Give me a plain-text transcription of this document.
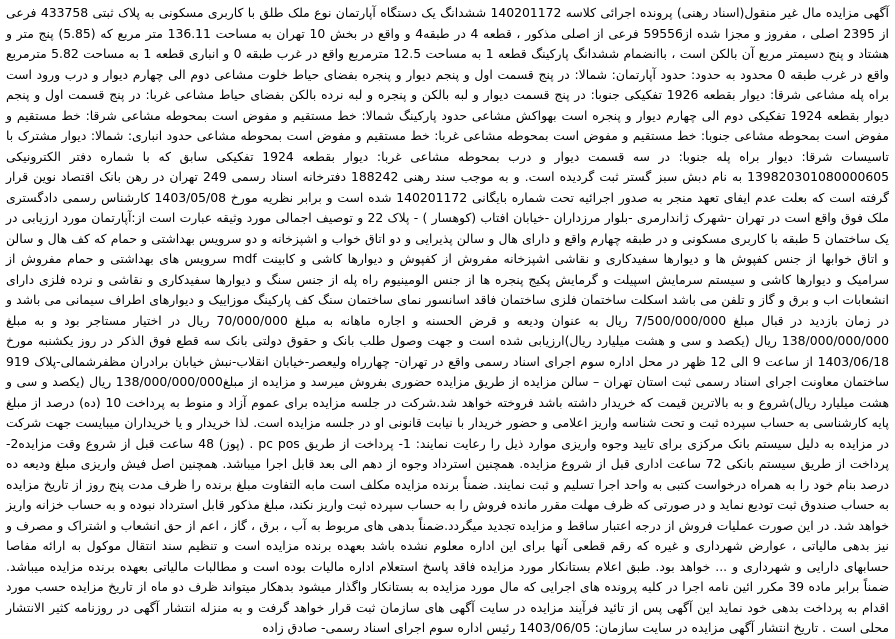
آگهی مزایده مال غیر منقول(اسناد رهنی) پرونده اجرائی کلاسه 140201172 ششدانگ یک دستگاه آپارتمان نوع ملک طلق با کاربری مسکونی به پلاک ثبتی 433758 فرعی از 2395 اصلی ، مفروز و مجزا شده از59556 فرعی از اصلی مذکور ، قطعه 4 در طبقه4 و واقع در بخش 10 تهران به مساحت 136.11 متر مربع که (5.85) پنج متر و هشتاد و پنج دسیمتر مربع آن بالکن است ، باانضمام ششدانگ پارکینگ قطعه 1 به مساحت 12.5 مترمربع واقع در غرب طبقه 0 و انباری قطعه 1 به مساحت 5.82 مترمربع واقع در غرب طبقه 0 محدود به حدود: حدود آپارتمان: شمالا: در پنج قسمت اول و پنجم دیوار و پنجره بفضای حیاط خلوت مشاعی دوم الی چهارم دیوار و درب ورود است براه پله مشاعی شرقا: دیوار بقطعه 1926 تفکیکی جنوبا: در پنج قسمت دیوار و لبه بالکن و پنجره و لبه نرده بالکن بفضای حیاط مشاعی غربا: در پنج قسمت اول و پنجم دیوار بقطعه 1924 تفکیکی دوم الی چهارم دیوار و پنجره است بهواکش مشاعی حدود پارکینگ شمالا: خط مستقیم و مفوض است بمحوطه مشاعی شرقا: خط مستقیم و مفوض است بمحوطه مشاعی جنوبا: خط مستقیم و مفوض است بمحوطه مشاعی غربا: خط مستقیم و مفوض است بمحوطه مشاعی حدود انباری: شمالا: دیوار مشترک با تاسیسات شرقا: دیوار براه پله جنوبا: در سه قسمت دیوار و درب بمحوطه مشاعی غربا: دیوار بقطعه 1924 تفکیکی سابق که با شماره دفتر الکترونیکی 139820301080000605 به نام دبش سبز گستر ثبت گردیده است. و به موجب سند رهنی 188242 دفترخانه اسناد رسمی 249 تهران در رهن بانک اقتصاد نوین قرار گرفته است که بعلت عدم ایفای تعهد منجر به صدور اجرائیه تحت شماره بایگانی 140201172 شده است و برابر نظریه مورخ 1403/05/08 کارشناس رسمی دادگستری ملک فوق واقع است در تهران -شهرک ژاندارمری -بلوار مرزداران -خیابان افتاب (کوهسار ) - پلاک 22 و توصیف اجمالی مورد وثیقه عبارت است از:آپارتمان مورد ارزیابی در یک ساختمان 5 طبقه با کاربری مسکونی و در طبقه چهارم واقع و دارای هال و سالن پذیرایی و دو اتاق خواب و اشپزخانه و دو سرویس بهداشتی و حمام که کف هال و سالن و اتاق خوابها از جنس کفپوش ها و دیوارها سفیدکاری و نقاشی اشپزخانه مفروش از کفپوش و دیوارها کاشی و کابینت mdf سرویس های بهداشتی و حمام مفروش از سرامیک و دیوارها کاشی و سیستم سرمایش اسپیلت و گرمایش پکیج پنجره ها از جنس الومینیوم راه پله از جنس سنگ و دیوارها سفیدکاری و نقاشی و نرده فلزی دارای انشعابات اب و برق و گاز و تلفن می باشد اسکلت ساختمان فلزی ساختمان فاقد اسانسور نمای ساختمان سنگ کف پارکینگ موزاییک و دیوارهای اطراف سیمانی می باشد و در زمان بازدید در قبال مبلغ 7/500/000/000 ریال به عنوان ودیعه و قرض الحسنه و اجاره ماهانه به مبلغ 70/000/000 ریال در اختیار مستاجر بود و به مبلغ 138/000/000/000 ریال (یکصد و سی و هشت میلیارد ریال)ارزیابی شده است و جهت وصول طلب بانک و حقوق دولتی بانک سه قطع فوق الذکر در روز یکشنبه مورخ 1403/06/18 از ساعت 9 الی 12 ظهر در محل اداره سوم اجرای اسناد رسمی واقع در تهران- چهارراه ولیعصر-خیابان انقلاب-نبش خیابان برادران مظفرشمالی-پلاک 919 ساختمان معاونت اجرای اسناد رسمی ثبت استان تهران – سالن مزایده از طریق مزایده حضوری بفروش میرسد و مزایده از مبلغ138/000/000/000 ریال (یکصد و سی و هشت میلیارد ریال)شروع و به بالاترین قیمت که خریدار داشته باشد فروخته خواهد شد.شرکت در جلسه مزایده برای عموم آزاد و منوط به پرداخت 10 (ده) درصد از مبلغ پایه کارشناسی به حساب سپرده ثبت و تحت شناسه واریز اعلامی و حضور خریدار با نیابت قانونی او در جلسه مزایده است. لذا خریدار و یا خریداران میبایست جهت شرکت در مزایده به دلیل سیستم بانک مرکزی برای تایید وجوه واریزی موارد ذیل را رعایت نمایند: 1- پرداخت از طریق pc pos . (پوز) 48 ساعت قبل از شروع وقت مزایده2- پرداخت از طریق سیستم بانکی 72 ساعت اداری قبل از شروع مزایده. همچنین استرداد وجوه از دهم الی بعد قابل اجرا میباشد. همچنین اصل فیش واریزی مبلغ ودیعه ده درصد بنام خود را به همراه درخواست کتبی به واحد اجرا تسلیم و ثبت نمایند. ضمناً برنده مزایده مکلف است مابه التفاوت مبلغ برنده را ظرف مدت پنج روز از تاریخ مزایده به حساب صندوق ثبت تودیع نماید و در صورتی که ظرف مهلت مقرر مانده فروش را به حساب سپرده ثبت واریز نکند، مبلغ مذکور قابل استرداد نبوده و به حساب خزانه واریز خواهد شد. در این صورت عملیات فروش از درجه اعتبار ساقط و مزایده تجدید میگردد.ضمناً بدهی های مربوط به آب ، برق ، گاز ، اعم از حق انشعاب و اشتراک و مصرف و نیز بدهی مالیاتی ، عوارض شهرداری و غیره که رقم قطعی آنها برای این اداره معلوم نشده باشد بعهده برنده مزایده است و تنظیم سند انتقال موکول به ارائه مفاصا حسابهای دارایی و شهرداری و ... خواهد بود. طبق اعلام بستانکار مورد مزایده فاقد پاسخ استعلام اداره مالیات بوده است و مطالبات مالیاتی بعهده برنده مزایده میباشد. ضمناً برابر ماده 39 مکرر ائین نامه اجرا در کلیه پرونده های اجرایی که مال مورد مزایده به بستانکار واگذار میشود بدهکار میتواند ظرف دو ماه از تاریخ مزایده حسب مورد اقدام به پرداخت بدهی خود نماید این آگهی پس از تائید فرآیند مزایده در سایت آگهی های سازمان ثبت قرار خواهد گرفت و به منزله انتشار آگهی در روزنامه کثیر الانتشار محلی است . تاریخ انتشار آگهی مزایده در سایت سازمان: 1403/06/05 رئیس اداره سوم اجرای اسناد رسمی- صادق زاده
